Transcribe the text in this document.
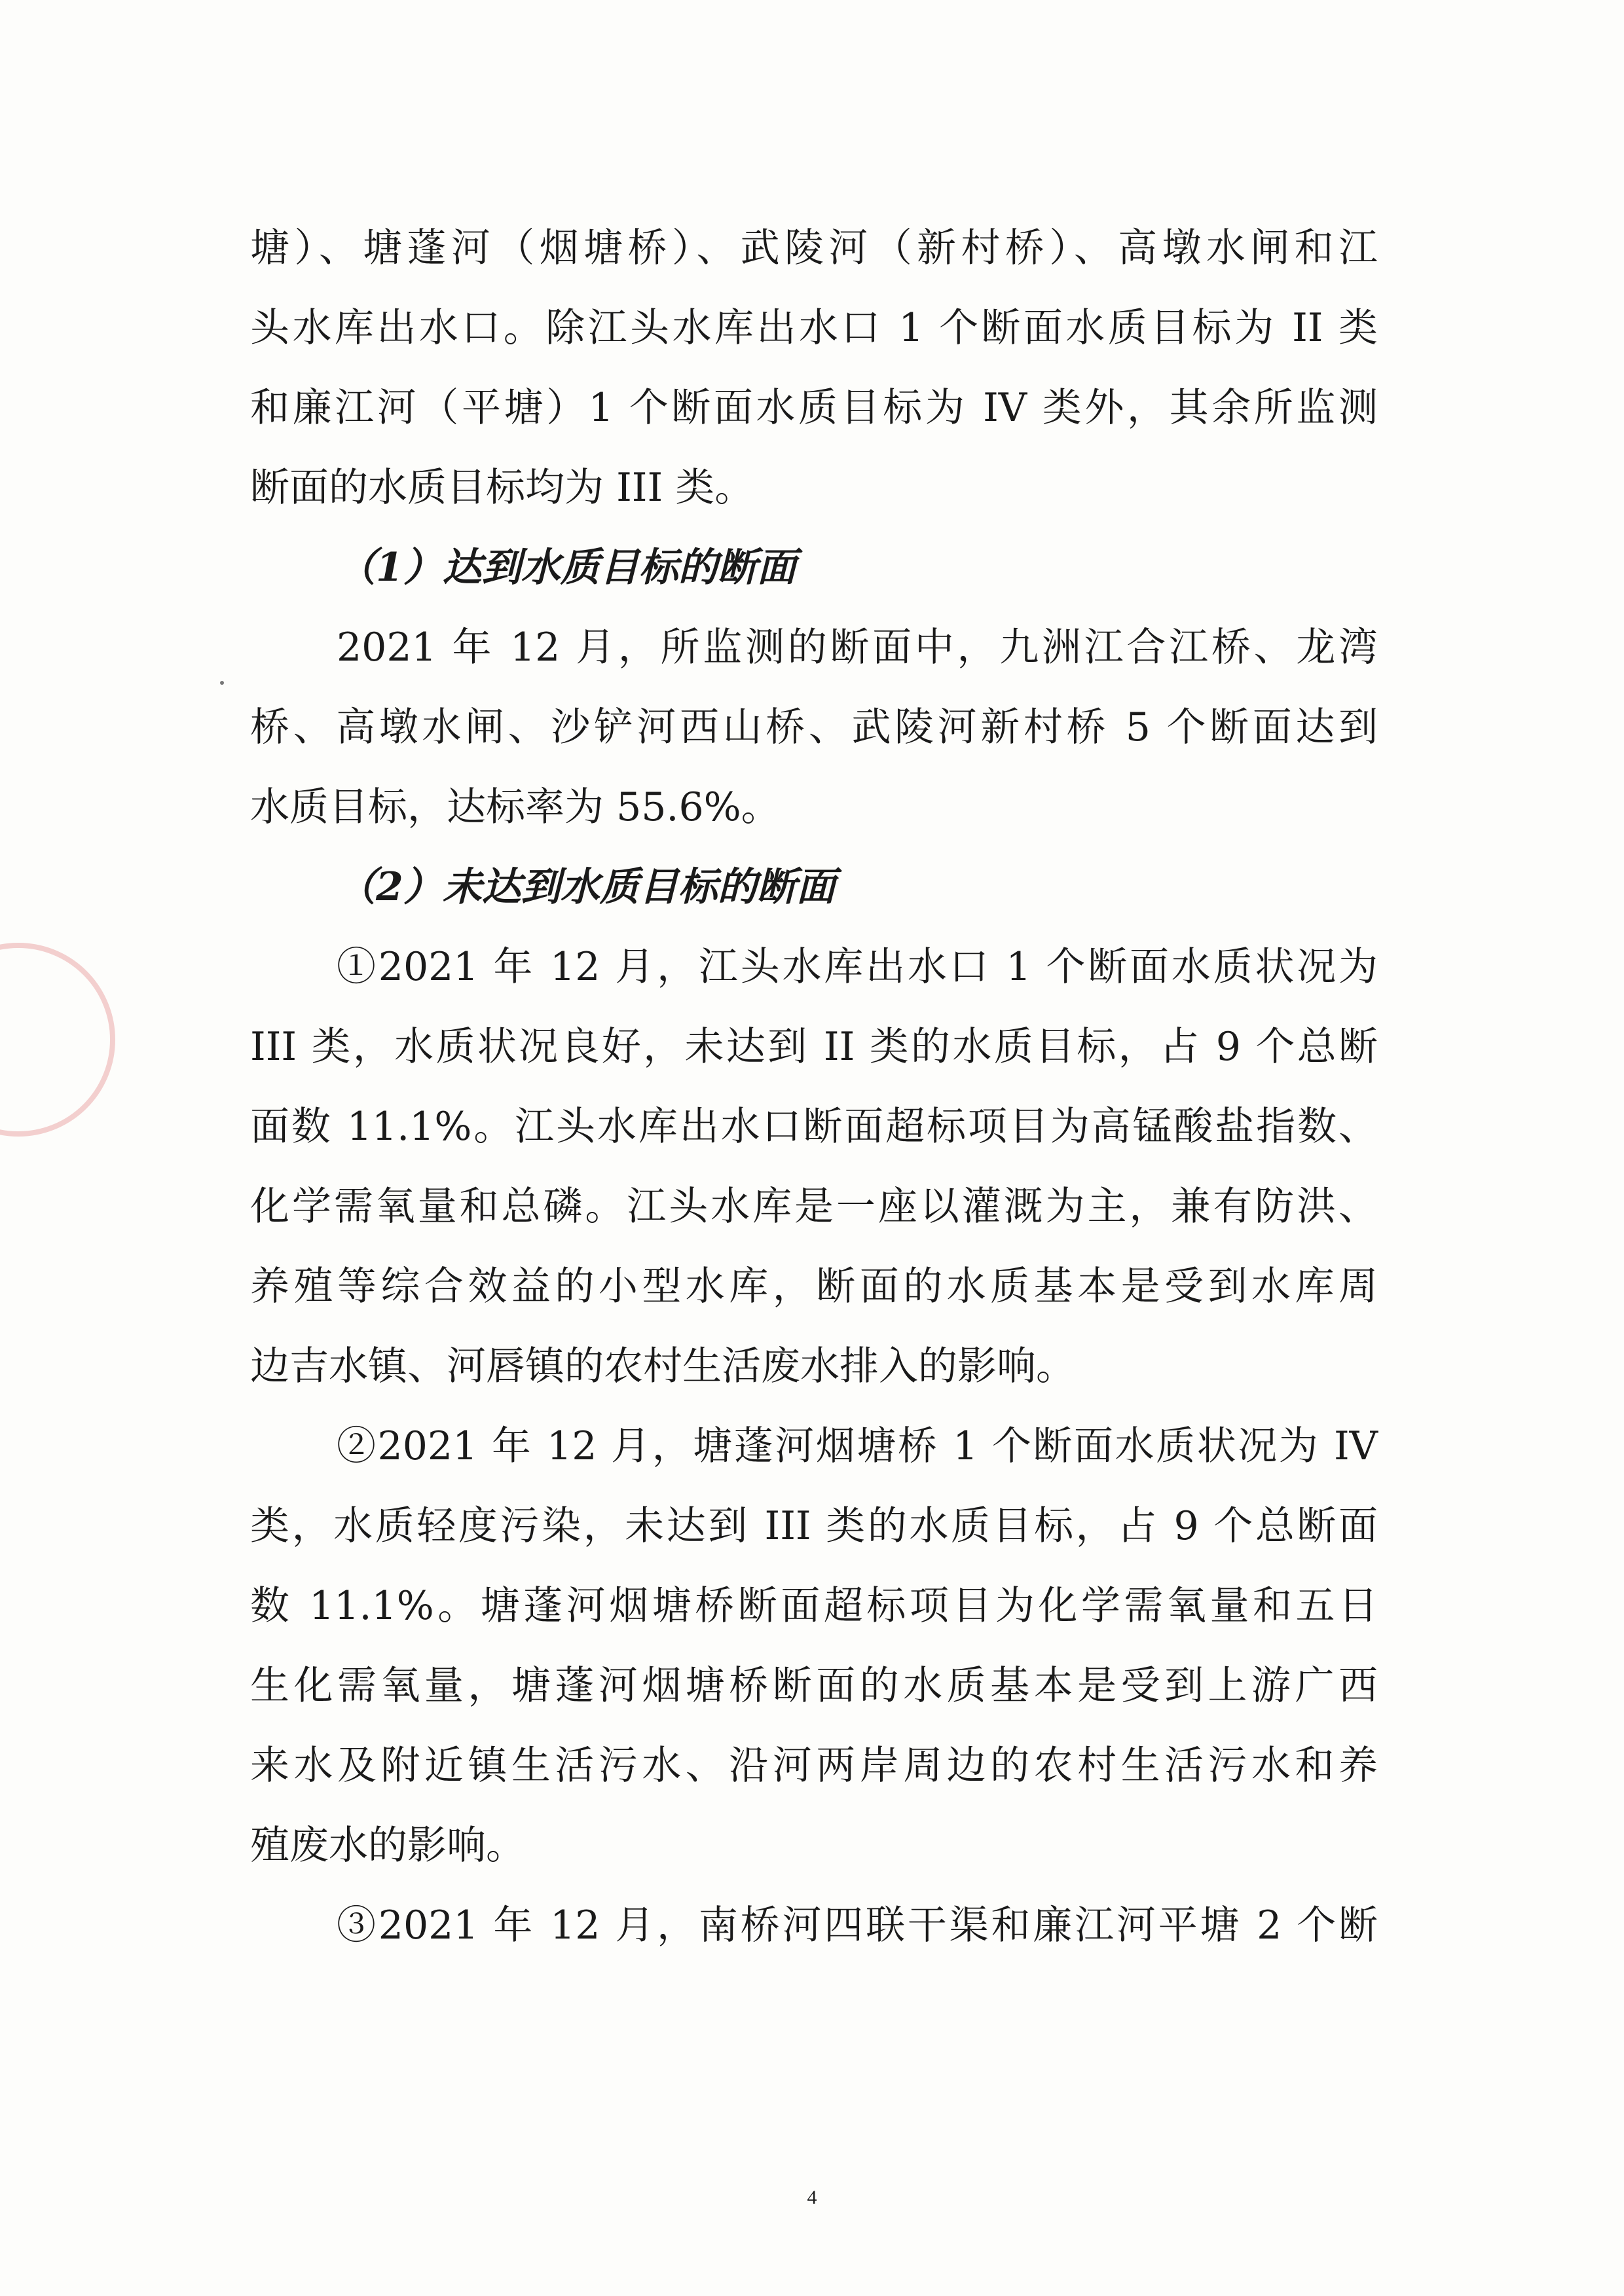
塘）、塘蓬河（烟塘桥）、武陵河（新村桥）、高墩水闸和江
头水库出水口。除江头水库出水口 1 个断面水质目标为 II 类
和廉江河（平塘）1 个断面水质目标为 IV 类外，其余所监测
断面的水质目标均为 III 类。
（1）达到水质目标的断面
2021 年 12 月，所监测的断面中，九洲江合江桥、龙湾
桥、高墩水闸、沙铲河西山桥、武陵河新村桥 5 个断面达到
水质目标，达标率为 55.6%。
（2）未达到水质目标的断面
①2021 年 12 月，江头水库出水口 1 个断面水质状况为
III 类，水质状况良好，未达到 II 类的水质目标，占 9 个总断
面数 11.1%。江头水库出水口断面超标项目为高锰酸盐指数、
化学需氧量和总磷。江头水库是一座以灌溉为主，兼有防洪、
养殖等综合效益的小型水库，断面的水质基本是受到水库周
边吉水镇、河唇镇的农村生活废水排入的影响。
②2021 年 12 月，塘蓬河烟塘桥 1 个断面水质状况为 IV
类，水质轻度污染，未达到 III 类的水质目标，占 9 个总断面
数 11.1%。塘蓬河烟塘桥断面超标项目为化学需氧量和五日
生化需氧量，塘蓬河烟塘桥断面的水质基本是受到上游广西
来水及附近镇生活污水、沿河两岸周边的农村生活污水和养
殖废水的影响。
③2021 年 12 月，南桥河四联干渠和廉江河平塘 2 个断
4
